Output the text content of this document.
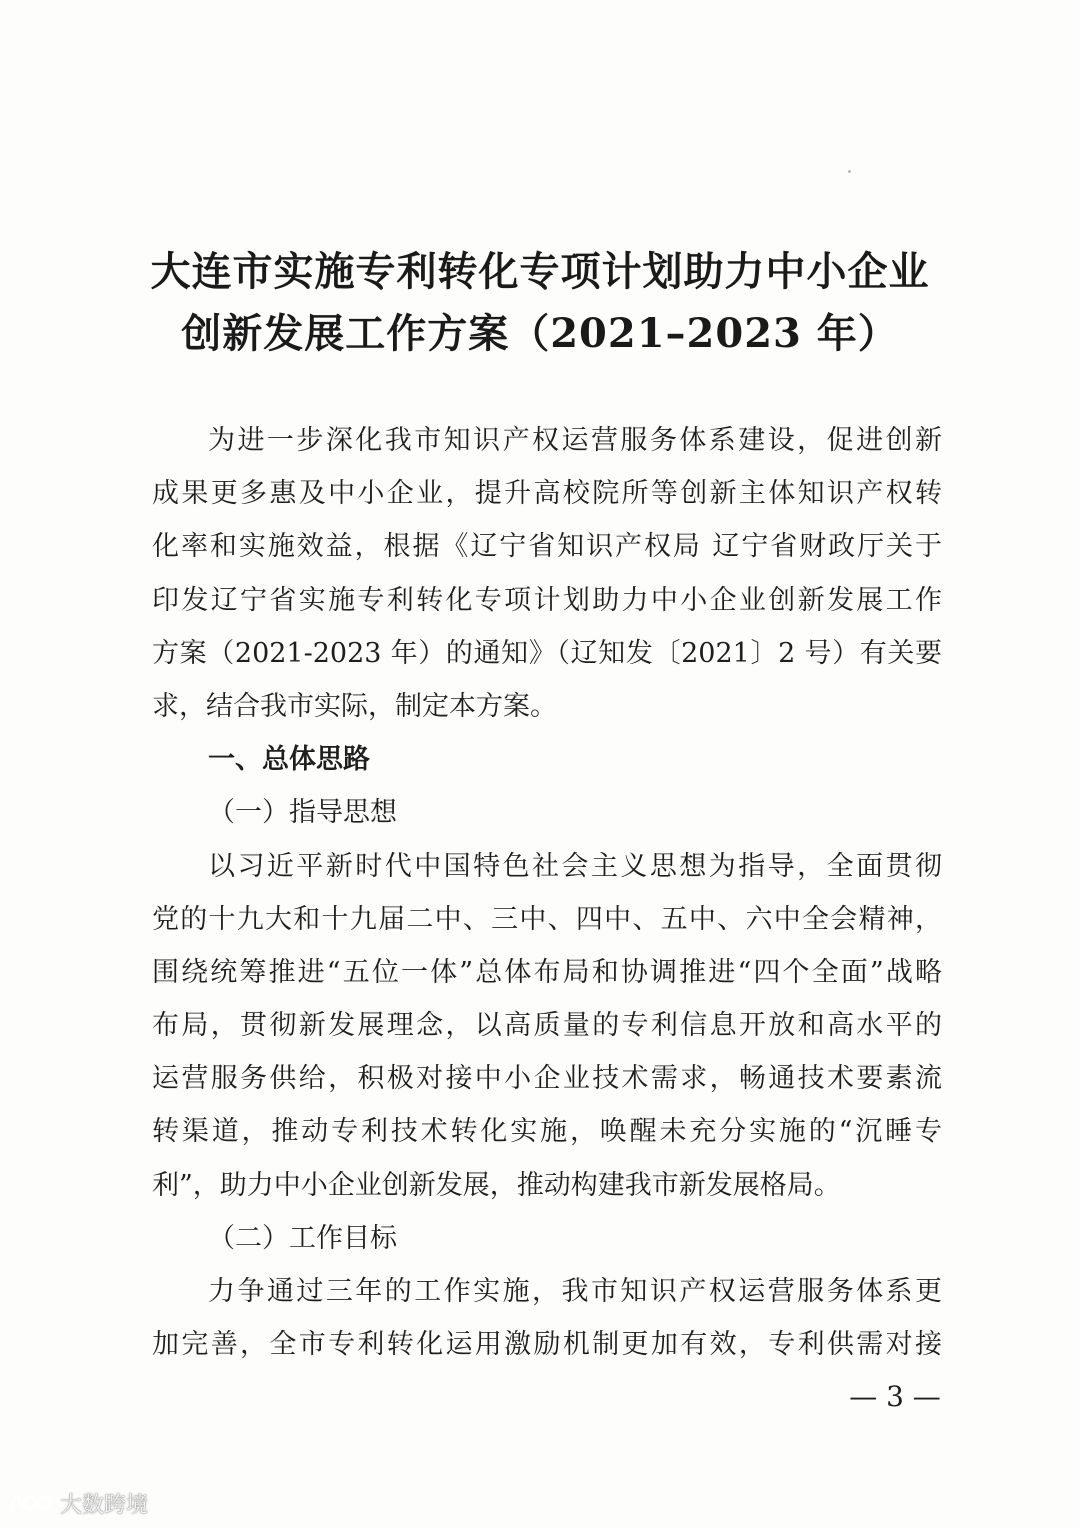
大连市实施专利转化专项计划助力中小企业
创新发展工作方案（2021–2023 年）
为进一步深化我市知识产权运营服务体系建设，促进创新
成果更多惠及中小企业，提升高校院所等创新主体知识产权转
化率和实施效益，根据《辽宁省知识产权局 辽宁省财政厅关于
印发辽宁省实施专利转化专项计划助力中小企业创新发展工作
方案（2021-2023 年）的通知》（辽知发〔2021〕2 号）有关要
求，结合我市实际，制定本方案。
一、总体思路
（一）指导思想
以习近平新时代中国特色社会主义思想为指导，全面贯彻
党的十九大和十九届二中、三中、四中、五中、六中全会精神，
围绕统筹推进“五位一体”总体布局和协调推进“四个全面”战略
布局，贯彻新发展理念，以高质量的专利信息开放和高水平的
运营服务供给，积极对接中小企业技术需求，畅通技术要素流
转渠道，推动专利技术转化实施，唤醒未充分实施的“沉睡专
利”，助力中小企业创新发展，推动构建我市新发展格局。
（二）工作目标
力争通过三年的工作实施，我市知识产权运营服务体系更
加完善，全市专利转化运用激励机制更加有效，专利供需对接
— 3 —
大数跨境
